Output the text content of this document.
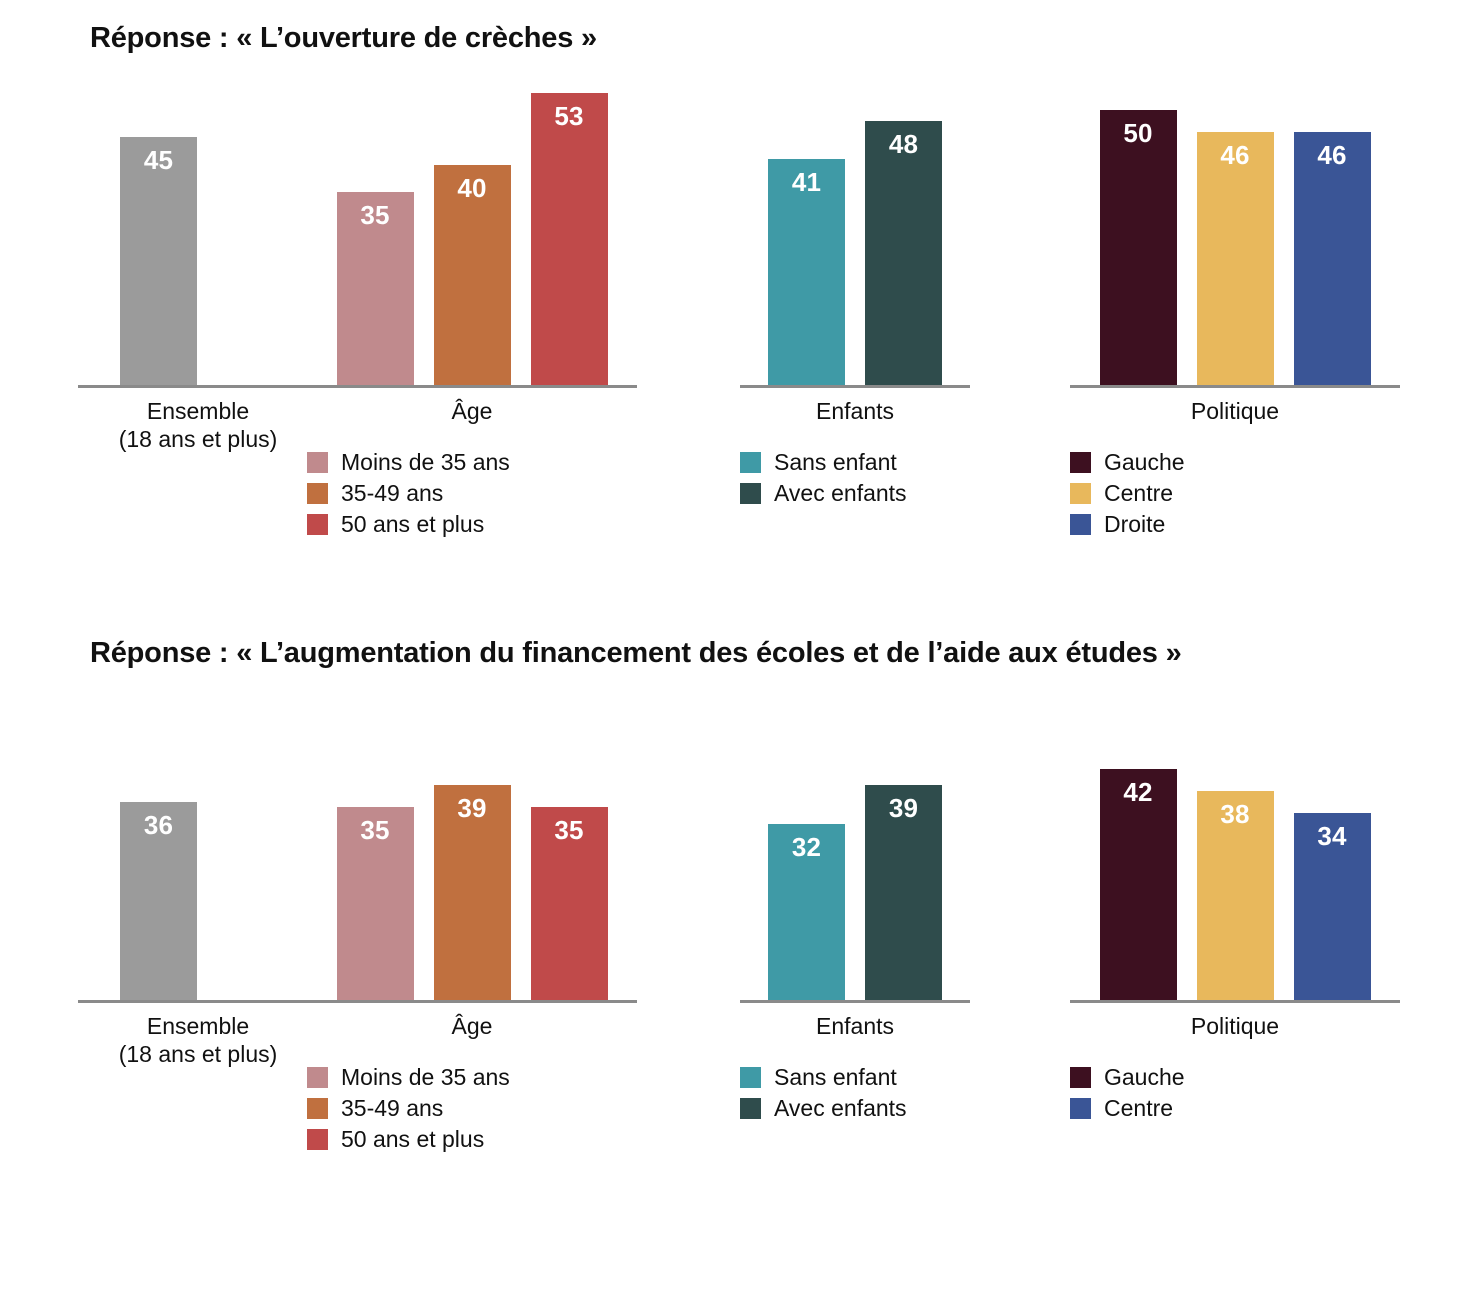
Réponse : « L’ouverture de crèches »
45
Ensemble
(18 ans et plus)
35
40
53
Âge
Moins de 35 ans
35-49 ans
50 ans et plus
41
48
Enfants
Sans enfant
Avec enfants
50
46	46
Politique
Gauche
Centre
Droite
Réponse : « L’augmentation du financement des écoles et de l’aide aux études »
36
Ensemble
(18 ans et plus)
35
39
35
Âge
Moins de 35 ans
35-49 ans
50 ans et plus
32
39
Enfants
Sans enfant
Avec enfants
42
38
34
Politique
Gauche
Centre
